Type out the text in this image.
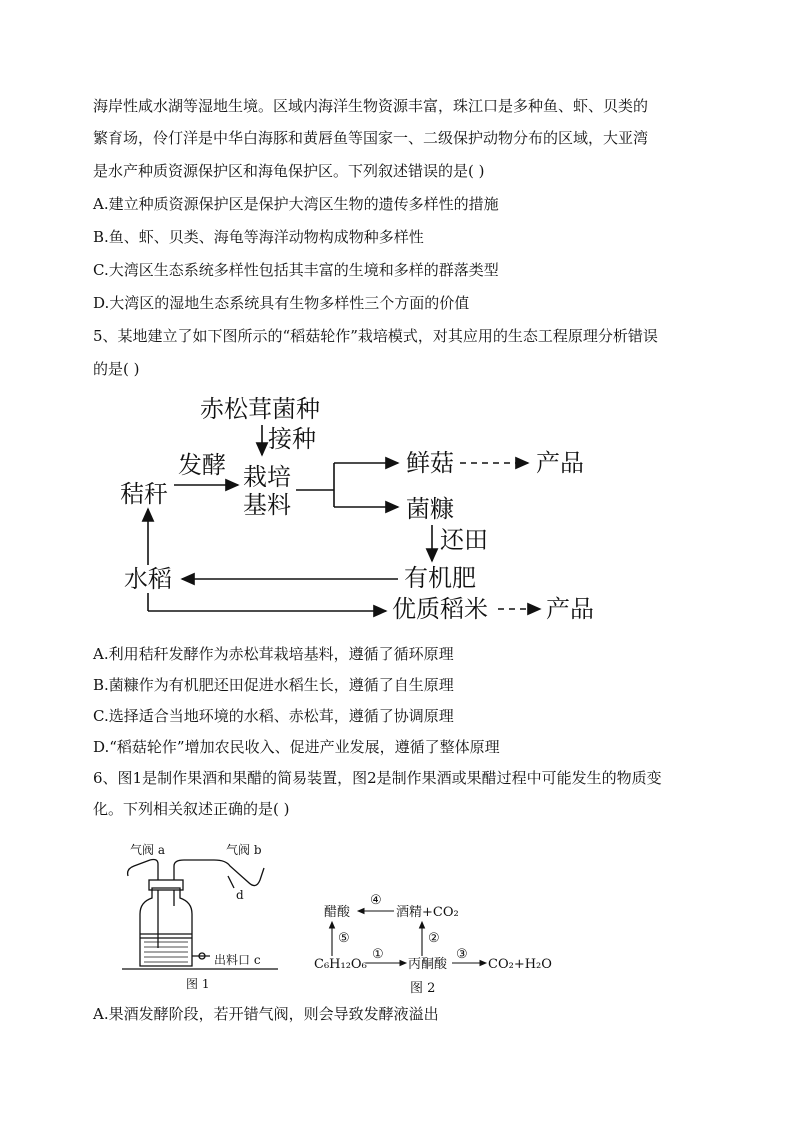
海岸性咸水湖等湿地生境。区域内海洋生物资源丰富，珠江口是多种鱼、虾、贝类的
繁育场，伶仃洋是中华白海豚和黄唇鱼等国家一、二级保护动物分布的区域，大亚湾
是水产种质资源保护区和海龟保护区。下列叙述错误的是( )
A.建立种质资源保护区是保护大湾区生物的遗传多样性的措施
B.鱼、虾、贝类、海龟等海洋动物构成物种多样性
C.大湾区生态系统多样性包括其丰富的生境和多样的群落类型
D.大湾区的湿地生态系统具有生物多样性三个方面的价值
5、某地建立了如下图所示的“稻菇轮作”栽培模式，对其应用的生态工程原理分析错误
的是( )
赤松茸菌种
接种
秸秆
发酵 栽培
基料
鲜菇	产品
菌糠
还田
有机肥
水稻
优质稻米 产品
A.利用秸秆发酵作为赤松茸栽培基料，遵循了循环原理
B.菌糠作为有机肥还田促进水稻生长，遵循了自生原理
C.选择适合当地环境的水稻、赤松茸，遵循了协调原理
D.“稻菇轮作”增加农民收入、促进产业发展，遵循了整体原理
6、图1是制作果酒和果醋的简易装置，图2是制作果酒或果醋过程中可能发生的物质变
化。下列相关叙述正确的是( )
气阀 a	气阀 b
d
出料口 c
图 1
醋酸
④
酒精+CO₂
⑤	②
C₆H₁₂O₆
①
丙酮酸
③
CO₂+H₂O
图 2
A.果酒发酵阶段，若开错气阀，则会导致发酵液溢出
